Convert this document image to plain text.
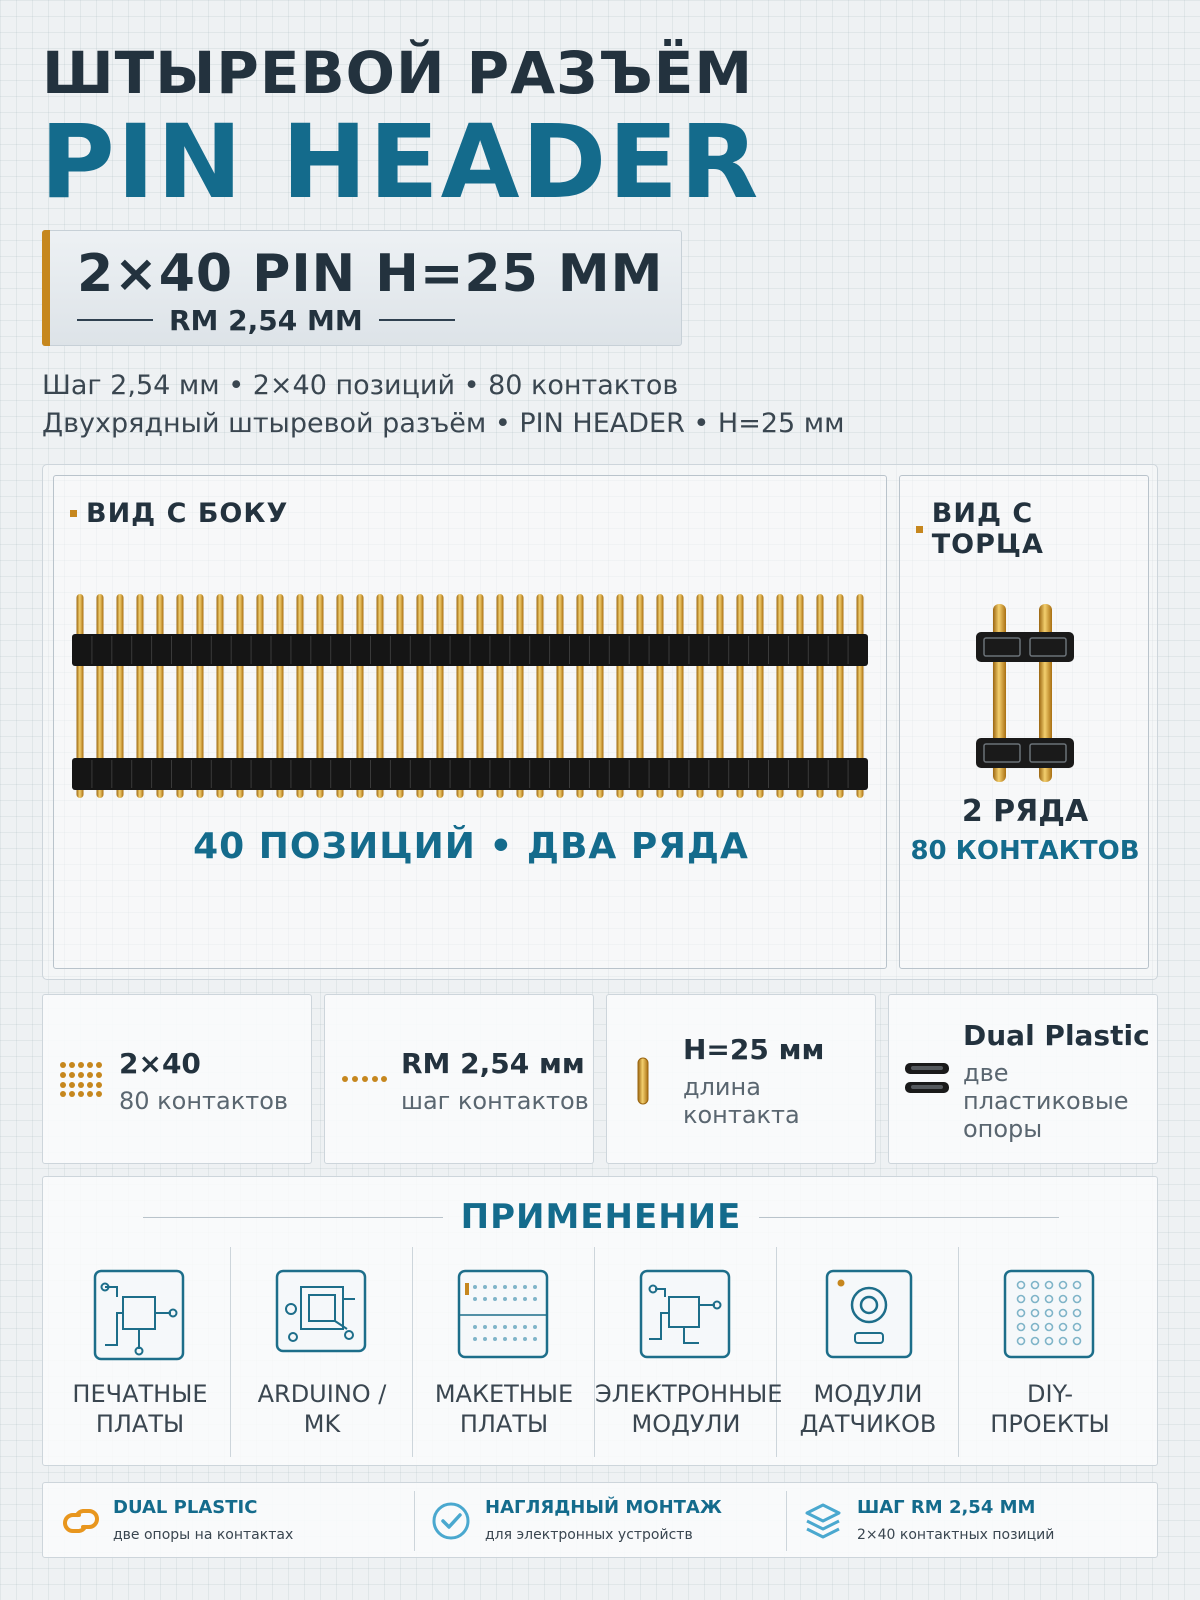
ШТЫРЕВОЙ РАЗЪЁМ
PIN HEADER
2×40 PIN H=25 MM
RM 2,54 MM
Шаг 2,54 мм • 2×40 позиций • 80 контактов
Двухрядный штыревой разъём • PIN HEADER • H=25 мм
ВИД С БОКУ
40 ПОЗИЦИЙ • ДВА РЯДА
ВИД С ТОРЦА
2 РЯДА
80 КОНТАКТОВ
2×40
80 контактов
RM 2,54 мм
шаг контактов
H=25 мм
длина
контакта
Dual Plastic
две
пластиковые
опоры
ПРИМЕНЕНИЕ
ПЕЧАТНЫЕ
ПЛАТЫ
ARDUINO /
MK
МАКЕТНЫЕ
ПЛАТЫ
ЭЛЕКТРОННЫЕ
МОДУЛИ
МОДУЛИ
ДАТЧИКОВ
DIY-
ПРОЕКТЫ
DUAL PLASTIC
две опоры на контактах
НАГЛЯДНЫЙ МОНТАЖ
для электронных устройств
ШАГ RM 2,54 MM
2×40 контактных позиций
